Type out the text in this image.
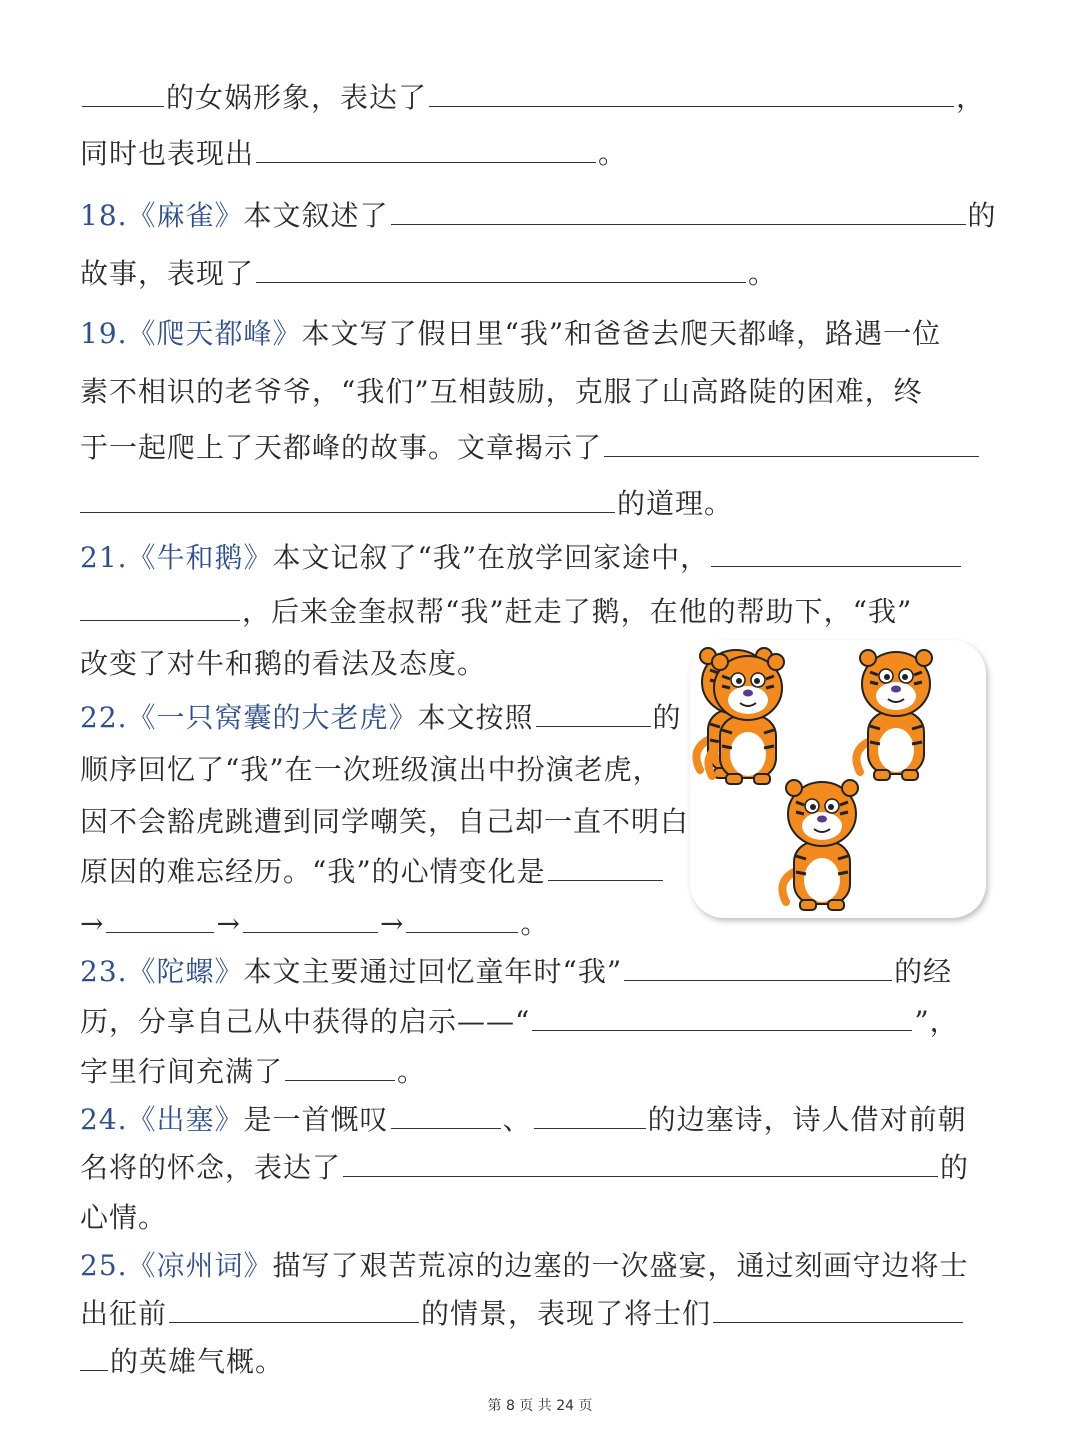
的女娲形象，表达了	，
同时也表现出	。
18.《麻雀》本文叙述了	的
故事，表现了	。
19.《爬天都峰》本文写了假日里“我”和爸爸去爬天都峰，路遇一位
素不相识的老爷爷，“我们”互相鼓励，克服了山高路陡的困难，终
于一起爬上了天都峰的故事。文章揭示了
的道理。
21.《牛和鹅》本文记叙了“我”在放学回家途中，
，后来金奎叔帮“我”赶走了鹅，在他的帮助下，“我”
改变了对牛和鹅的看法及态度。
22.《一只窝囊的大老虎》本文按照	的
顺序回忆了“我”在一次班级演出中扮演老虎，
因不会豁虎跳遭到同学嘲笑，自己却一直不明白
原因的难忘经历。“我”的心情变化是
→	→	→	。
23.《陀螺》本文主要通过回忆童年时“我”	的经
历，分享自己从中获得的启示——“	”，
字里行间充满了	。
24.《出塞》是一首慨叹	、	的边塞诗，诗人借对前朝
名将的怀念，表达了	的
心情。
25.《凉州词》描写了艰苦荒凉的边塞的一次盛宴，通过刻画守边将士
出征前	的情景，表现了将士们
的英雄气概。
第 8 页 共 24 页
